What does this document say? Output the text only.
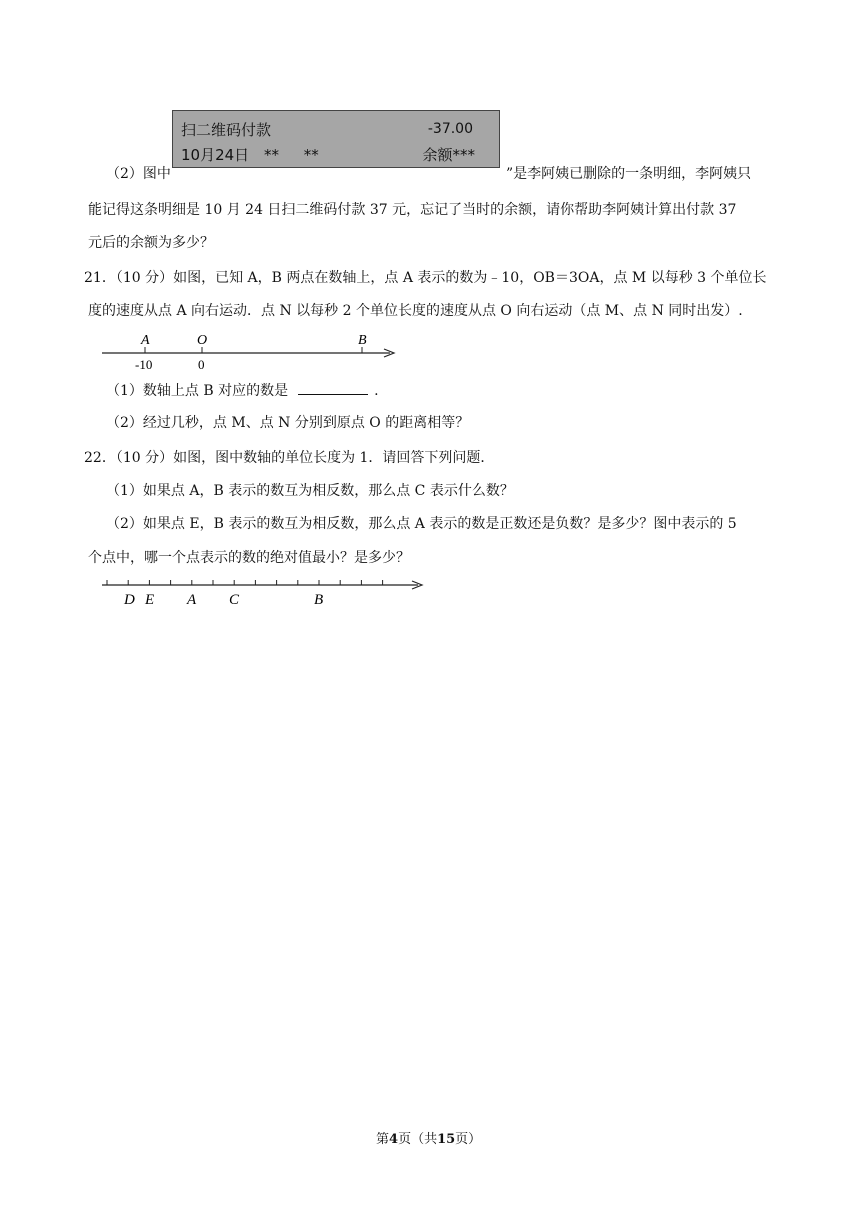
（2）图中
扫二维码付款	-37.00
10月24日 ** **	余额***
”是李阿姨已删除的一条明细，李阿姨只
能记得这条明细是 10 月 24 日扫二维码付款 37 元，忘记了当时的余额，请你帮助李阿姨计算出付款 37
元后的余额为多少？
21．（10 分）如图，已知 A，B 两点在数轴上，点 A 表示的数为﹣10，OB＝3OA，点 M 以每秒 3 个单位长
度的速度从点 A 向右运动．点 N 以每秒 2 个单位长度的速度从点 O 向右运动（点 M、点 N 同时出发）.
A	O	B
-10	0
（1）数轴上点 B 对应的数是	.
（2）经过几秒，点 M、点 N 分别到原点 O 的距离相等？
22．（10 分）如图，图中数轴的单位长度为 1．请回答下列问题．
（1）如果点 A，B 表示的数互为相反数，那么点 C 表示什么数？
（2）如果点 E，B 表示的数互为相反数，那么点 A 表示的数是正数还是负数？是多少？图中表示的 5
个点中，哪一个点表示的数的绝对值最小？是多少？
D E A C	B
第4页（共15页）
